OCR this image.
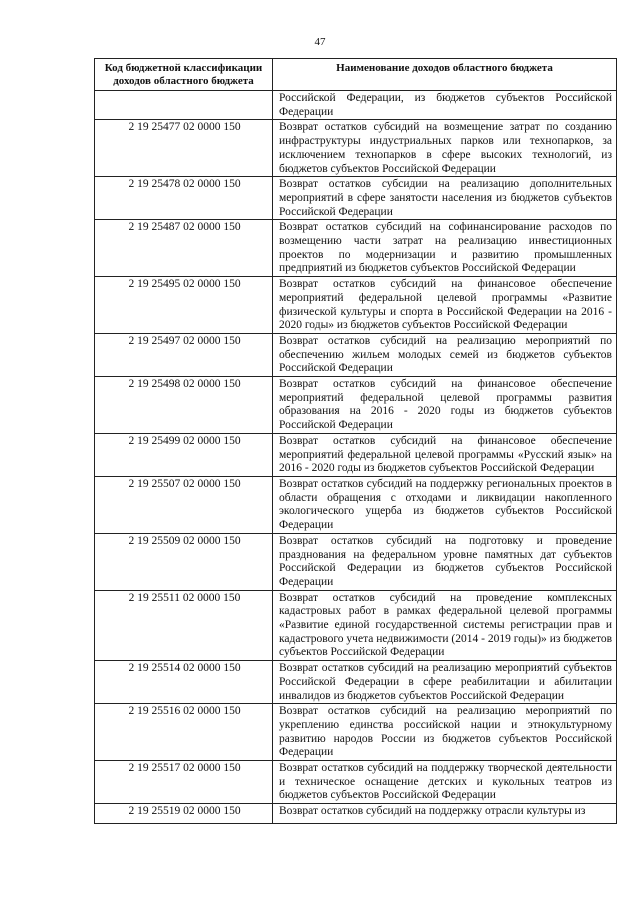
47
Код бюджетной классификации доходов областного бюджета	Наименование доходов областного бюджета
	Российской Федерации, из бюджетов субъектов Российской Федерации
2 19 25477 02 0000 150	Возврат остатков субсидий на возмещение затрат по созданию инфраструктуры индустриальных парков или технопарков, за исключением технопарков в сфере высоких технологий, из бюджетов субъектов Российской Федерации
2 19 25478 02 0000 150	Возврат остатков субсидии на реализацию дополнительных мероприятий в сфере занятости населения из бюджетов субъектов Российской Федерации
2 19 25487 02 0000 150	Возврат остатков субсидий на софинансирование расходов по возмещению части затрат на реализацию инвестиционных проектов по модернизации и развитию промышленных предприятий из бюджетов субъектов Российской Федерации
2 19 25495 02 0000 150	Возврат остатков субсидий на финансовое обеспечение мероприятий федеральной целевой программы «Развитие физической культуры и спорта в Российской Федерации на 2016 - 2020 годы» из бюджетов субъектов Российской Федерации
2 19 25497 02 0000 150	Возврат остатков субсидий на реализацию мероприятий по обеспечению жильем молодых семей из бюджетов субъектов Российской Федерации
2 19 25498 02 0000 150	Возврат остатков субсидий на финансовое обеспечение мероприятий федеральной целевой программы развития образования на 2016 - 2020 годы из бюджетов субъектов Российской Федерации
2 19 25499 02 0000 150	Возврат остатков субсидий на финансовое обеспечение мероприятий федеральной целевой программы «Русский язык» на 2016 - 2020 годы из бюджетов субъектов Российской Федерации
2 19 25507 02 0000 150	Возврат остатков субсидий на поддержку региональных проектов в области обращения с отходами и ликвидации накопленного экологического ущерба из бюджетов субъектов Российской Федерации
2 19 25509 02 0000 150	Возврат остатков субсидий на подготовку и проведение празднования на федеральном уровне памятных дат субъектов Российской Федерации из бюджетов субъектов Российской Федерации
2 19 25511 02 0000 150	Возврат остатков субсидий на проведение комплексных кадастровых работ в рамках федеральной целевой программы «Развитие единой государственной системы регистрации прав и кадастрового учета недвижимости (2014 - 2019 годы)» из бюджетов субъектов Российской Федерации
2 19 25514 02 0000 150	Возврат остатков субсидий на реализацию мероприятий субъектов Российской Федерации в сфере реабилитации и абилитации инвалидов из бюджетов субъектов Российской Федерации
2 19 25516 02 0000 150	Возврат остатков субсидий на реализацию мероприятий по укреплению единства российской нации и этнокультурному развитию народов России из бюджетов субъектов Российской Федерации
2 19 25517 02 0000 150	Возврат остатков субсидий на поддержку творческой деятельности и техническое оснащение детских и кукольных театров из бюджетов субъектов Российской Федерации
2 19 25519 02 0000 150	Возврат остатков субсидий на поддержку отрасли культуры из
